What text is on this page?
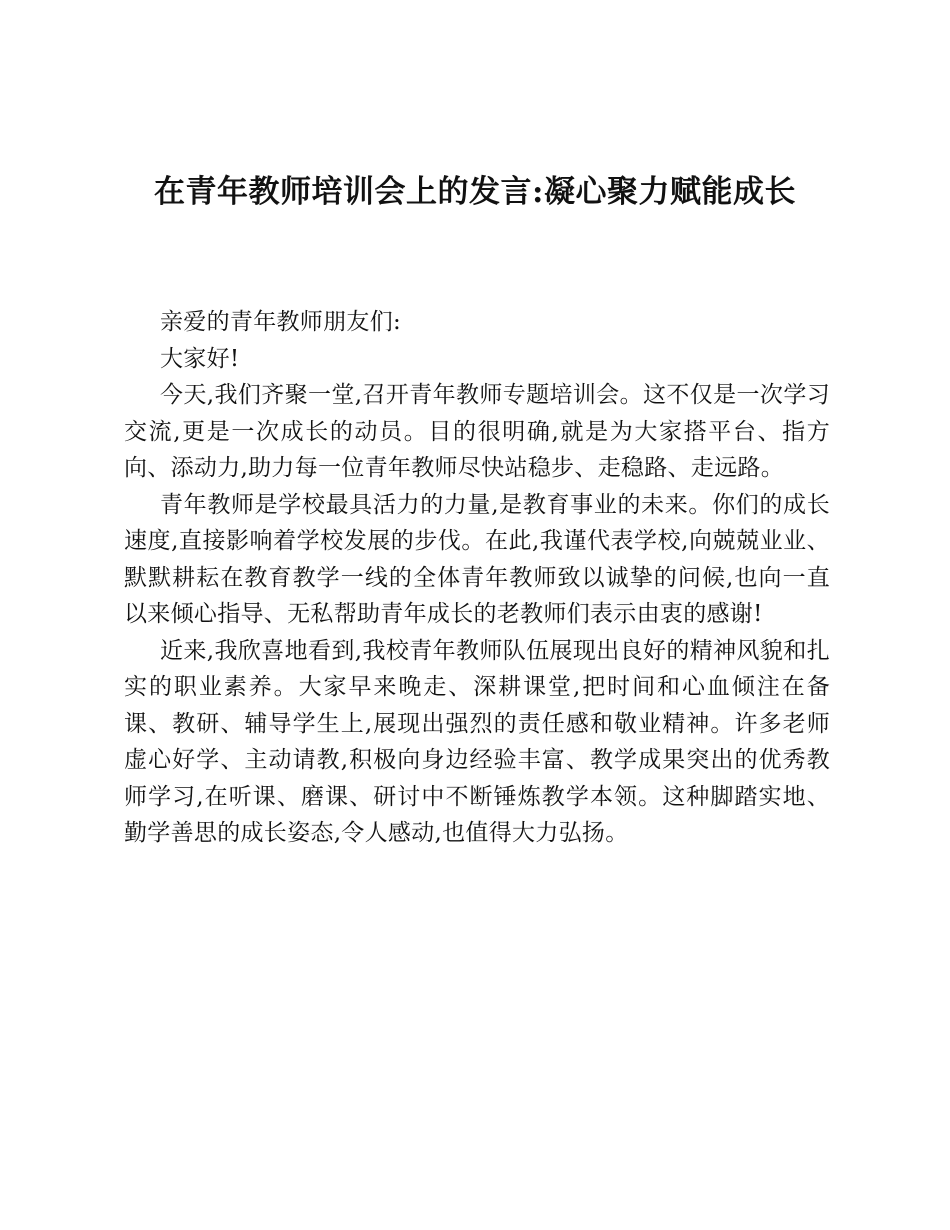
在青年教师培训会上的发言:凝心聚力赋能成长

亲爱的青年教师朋友们:

大家好!

今天,我们齐聚一堂,召开青年教师专题培训会。这不仅是一次学习交流,更是一次成长的动员。目的很明确,就是为大家搭平台、指方向、添动力,助力每一位青年教师尽快站稳步、走稳路、走远路。

青年教师是学校最具活力的力量,是教育事业的未来。你们的成长速度,直接影响着学校发展的步伐。在此,我谨代表学校,向兢兢业业、默默耕耘在教育教学一线的全体青年教师致以诚挚的问候,也向一直以来倾心指导、无私帮助青年成长的老教师们表示由衷的感谢!

近来,我欣喜地看到,我校青年教师队伍展现出良好的精神风貌和扎实的职业素养。大家早来晚走、深耕课堂,把时间和心血倾注在备课、教研、辅导学生上,展现出强烈的责任感和敬业精神。许多老师虚心好学、主动请教,积极向身边经验丰富、教学成果突出的优秀教师学习,在听课、磨课、研讨中不断锤炼教学本领。这种脚踏实地、勤学善思的成长姿态,令人感动,也值得大力弘扬。
